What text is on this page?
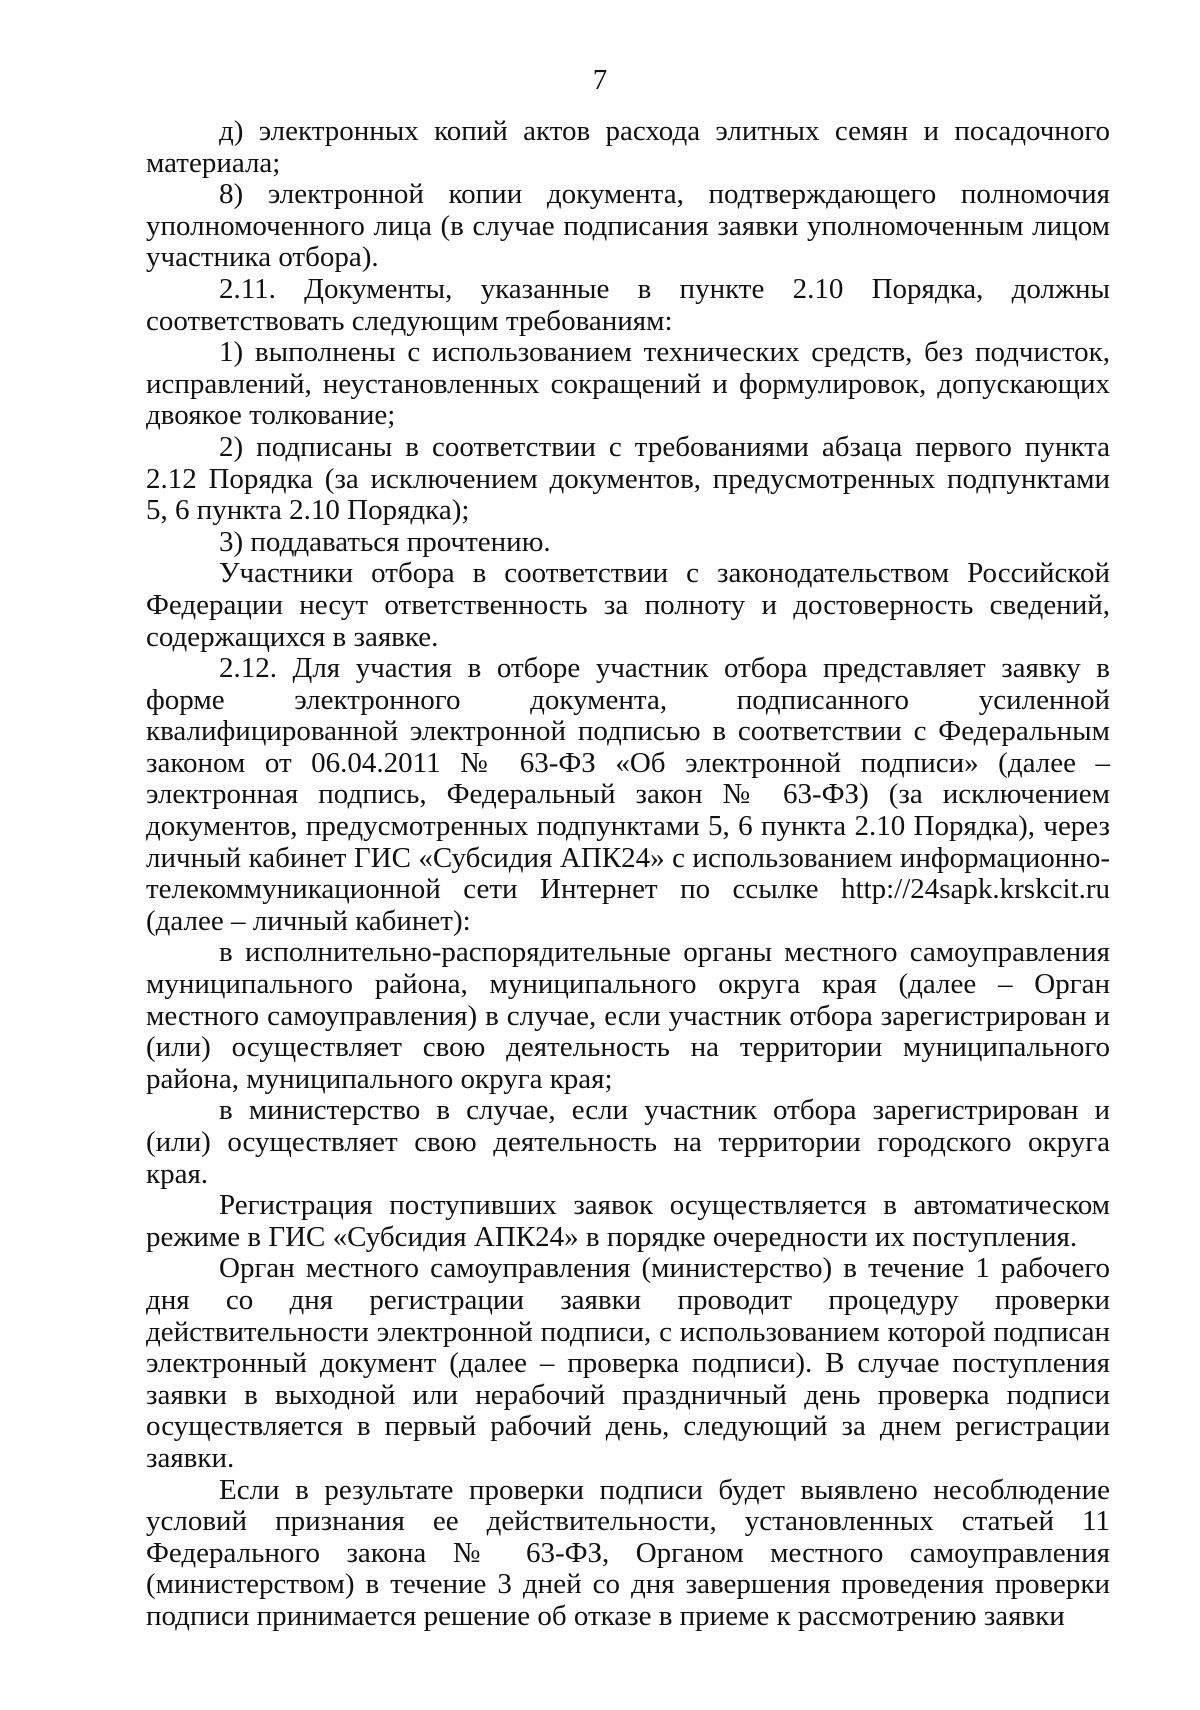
7

д) электронных копий актов расхода элитных семян и посадочного материала;

8) электронной копии документа, подтверждающего полномочия уполномоченного лица (в случае подписания заявки уполномоченным лицом участника отбора).

2.11. Документы, указанные в пункте 2.10 Порядка, должны соответствовать следующим требованиям:

1) выполнены с использованием технических средств, без подчисток, исправлений, неустановленных сокращений и формулировок, допускающих двоякое толкование;

2) подписаны в соответствии с требованиями абзаца первого пункта 2.12 Порядка (за исключением документов, предусмотренных подпунктами 5, 6 пункта 2.10 Порядка);

3) поддаваться прочтению.

Участники отбора в соответствии с законодательством Российской Федерации несут ответственность за полноту и достоверность сведений, содержащихся в заявке.

2.12. Для участия в отборе участник отбора представляет заявку в форме электронного документа, подписанного усиленной квалифицированной электронной подписью в соответствии с Федеральным законом от 06.04.2011 № 63-ФЗ «Об электронной подписи» (далее – электронная подпись, Федеральный закон № 63-ФЗ) (за исключением документов, предусмотренных подпунктами 5, 6 пункта 2.10 Порядка), через личный кабинет ГИС «Субсидия АПК24» с использованием информационно-телекоммуникационной сети Интернет по ссылке http://24sapk.krskcit.ru (далее – личный кабинет):

в исполнительно-распорядительные органы местного самоуправления муниципального района, муниципального округа края (далее – Орган местного самоуправления) в случае, если участник отбора зарегистрирован и (или) осуществляет свою деятельность на территории муниципального района, муниципального округа края;

в министерство в случае, если участник отбора зарегистрирован и (или) осуществляет свою деятельность на территории городского округа края.

Регистрация поступивших заявок осуществляется в автоматическом режиме в ГИС «Субсидия АПК24» в порядке очередности их поступления.

Орган местного самоуправления (министерство) в течение 1 рабочего дня со дня регистрации заявки проводит процедуру проверки действительности электронной подписи, с использованием которой подписан электронный документ (далее – проверка подписи). В случае поступления заявки в выходной или нерабочий праздничный день проверка подписи осуществляется в первый рабочий день, следующий за днем регистрации заявки.

Если в результате проверки подписи будет выявлено несоблюдение условий признания ее действительности, установленных статьей 11 Федерального закона № 63-ФЗ, Органом местного самоуправления (министерством) в течение 3 дней со дня завершения проведения проверки подписи принимается решение об отказе в приеме к рассмотрению заявки
